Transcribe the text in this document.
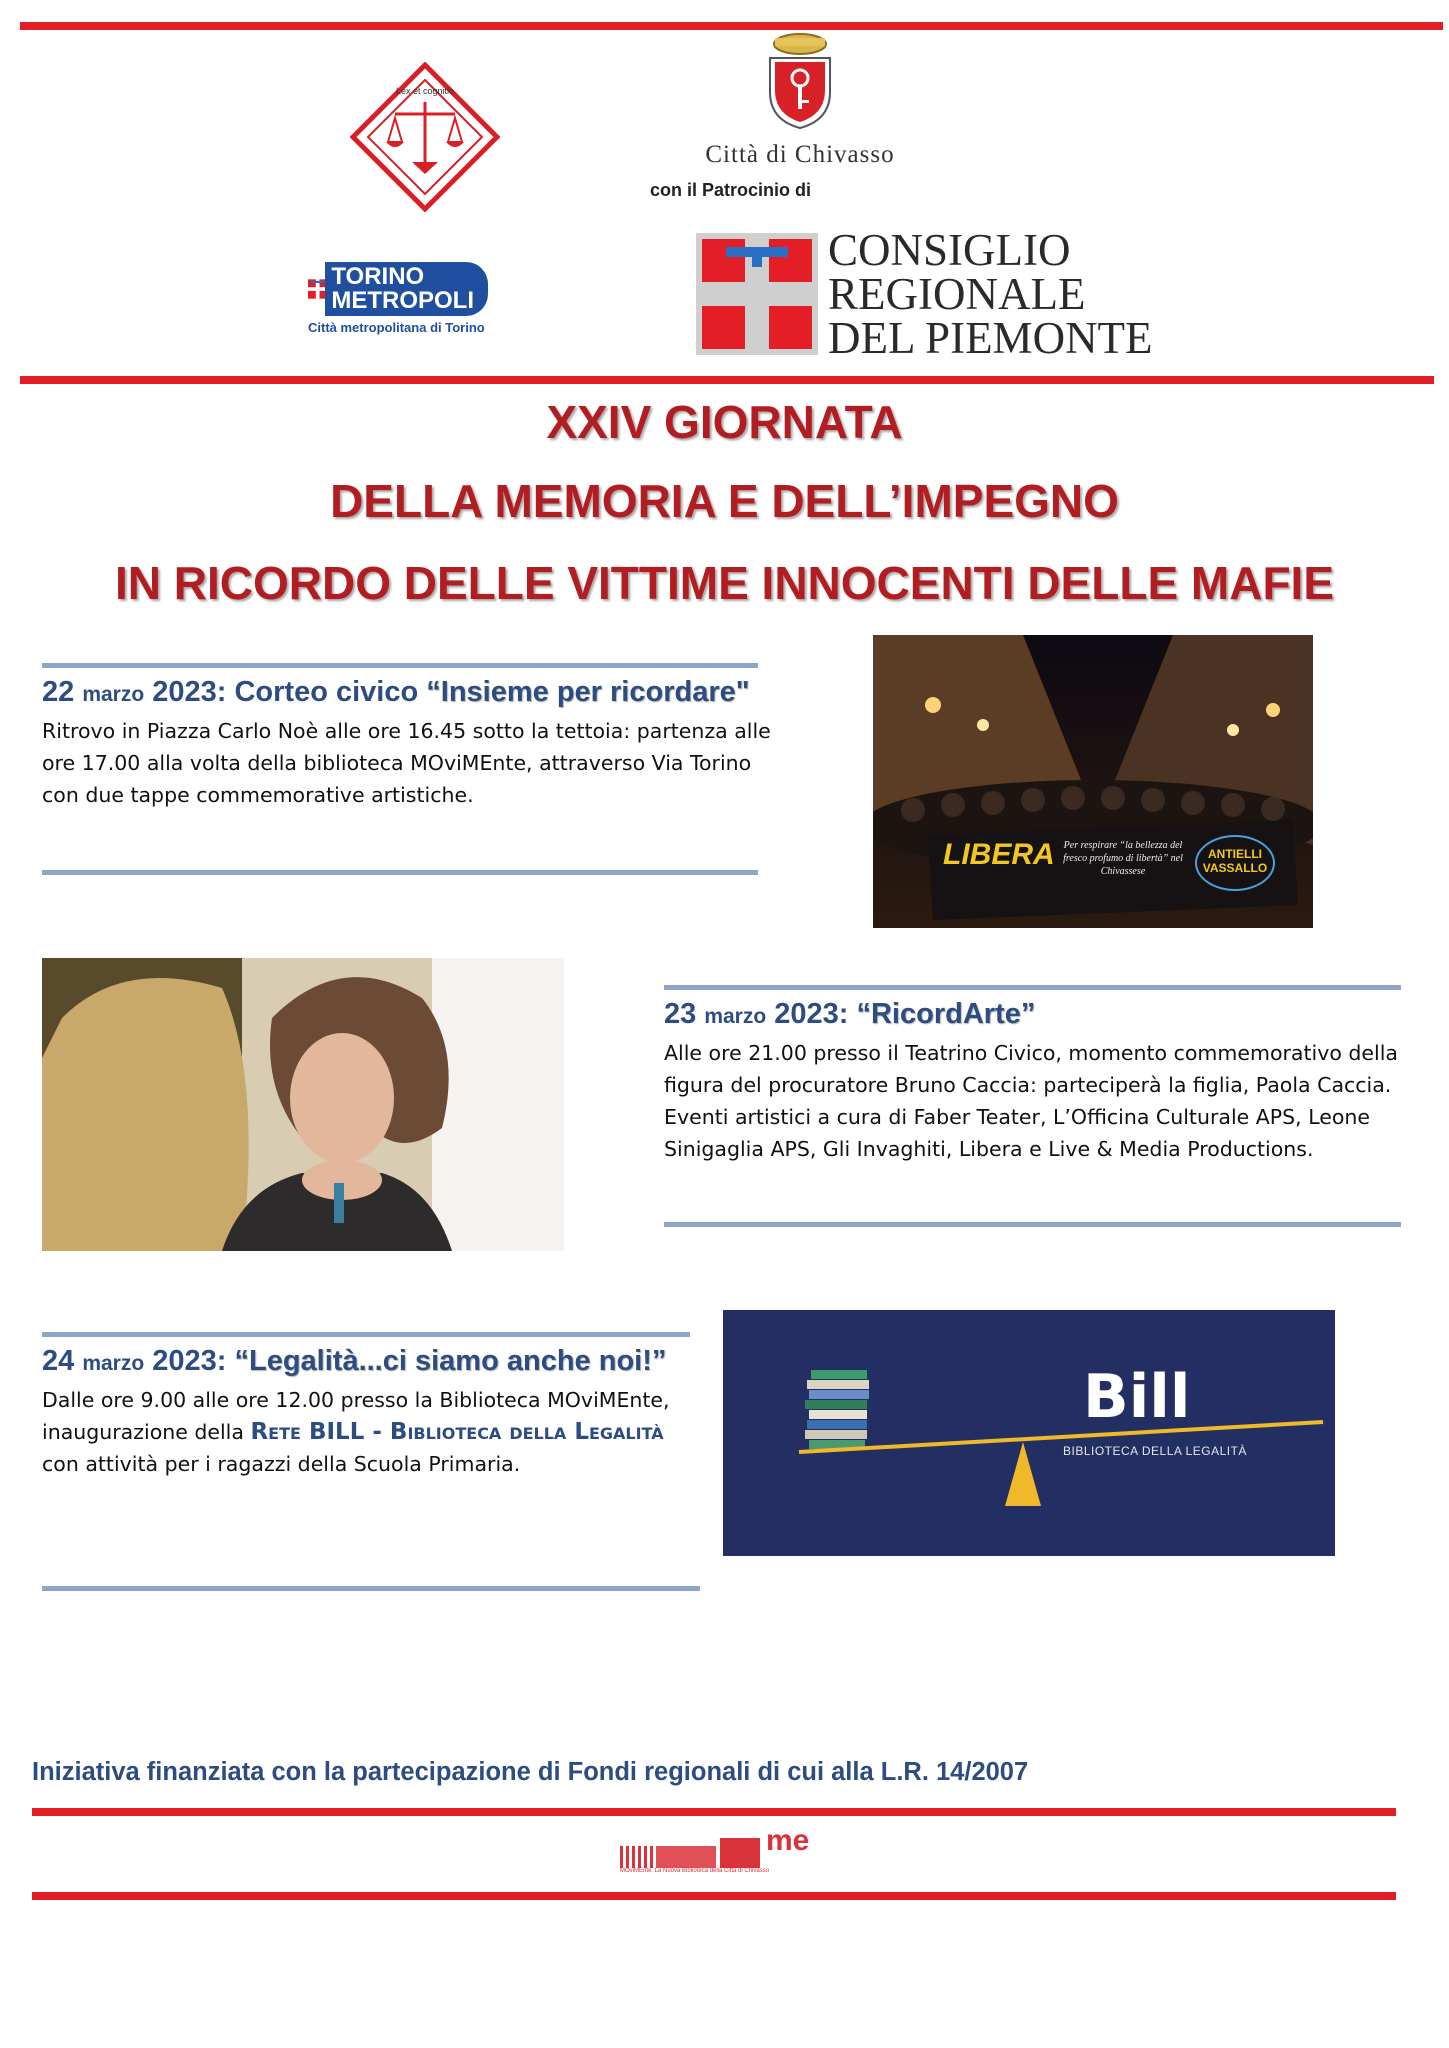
Lex et cognitio
Città di Chivasso
con il Patrocinio di
TORINO
METROPOLI
Città metropolitana di Torino
CONSIGLIO
REGIONALE
DEL PIEMONTE
XXIV GIORNATA
DELLA MEMORIA E DELL’IMPEGNO
IN RICORDO DELLE VITTIME INNOCENTI DELLE MAFIE
22 marzo 2023: Corteo civico “Insieme per ricordare"
Ritrovo in Piazza Carlo Noè alle ore 16.45 sotto la tettoia: partenza alle ore 17.00 alla volta della biblioteca MOviMEnte, attraverso Via Torino con due tappe commemorative artistiche.
LIBERA Per respirare “la bellezza del fresco profumo di libertà” nel Chivassese
ANTIELLI VASSALLO
23 marzo 2023: “RicordArte”
Alle ore 21.00 presso il Teatrino Civico, momento commemorativo della figura del procuratore Bruno Caccia: parteciperà la figlia, Paola Caccia.
Eventi artistici a cura di Faber Teater, L’Officina Culturale APS, Leone Sinigaglia APS, Gli Invaghiti, Libera e Live & Media Productions.
24 marzo 2023: “Legalità...ci siamo anche noi!”
Dalle ore 9.00 alle ore 12.00 presso la Biblioteca MOviMEnte, inaugurazione della Rete BILL - Biblioteca della Legalità con attività per i ragazzi della Scuola Primaria.
Bill
BIBLIOTECA DELLA LEGALITÀ
Iniziativa finanziata con la partecipazione di Fondi regionali di cui alla L.R. 14/2007
me
MOviMEnte. La Nuova Biblioteca della Città di Chivasso
